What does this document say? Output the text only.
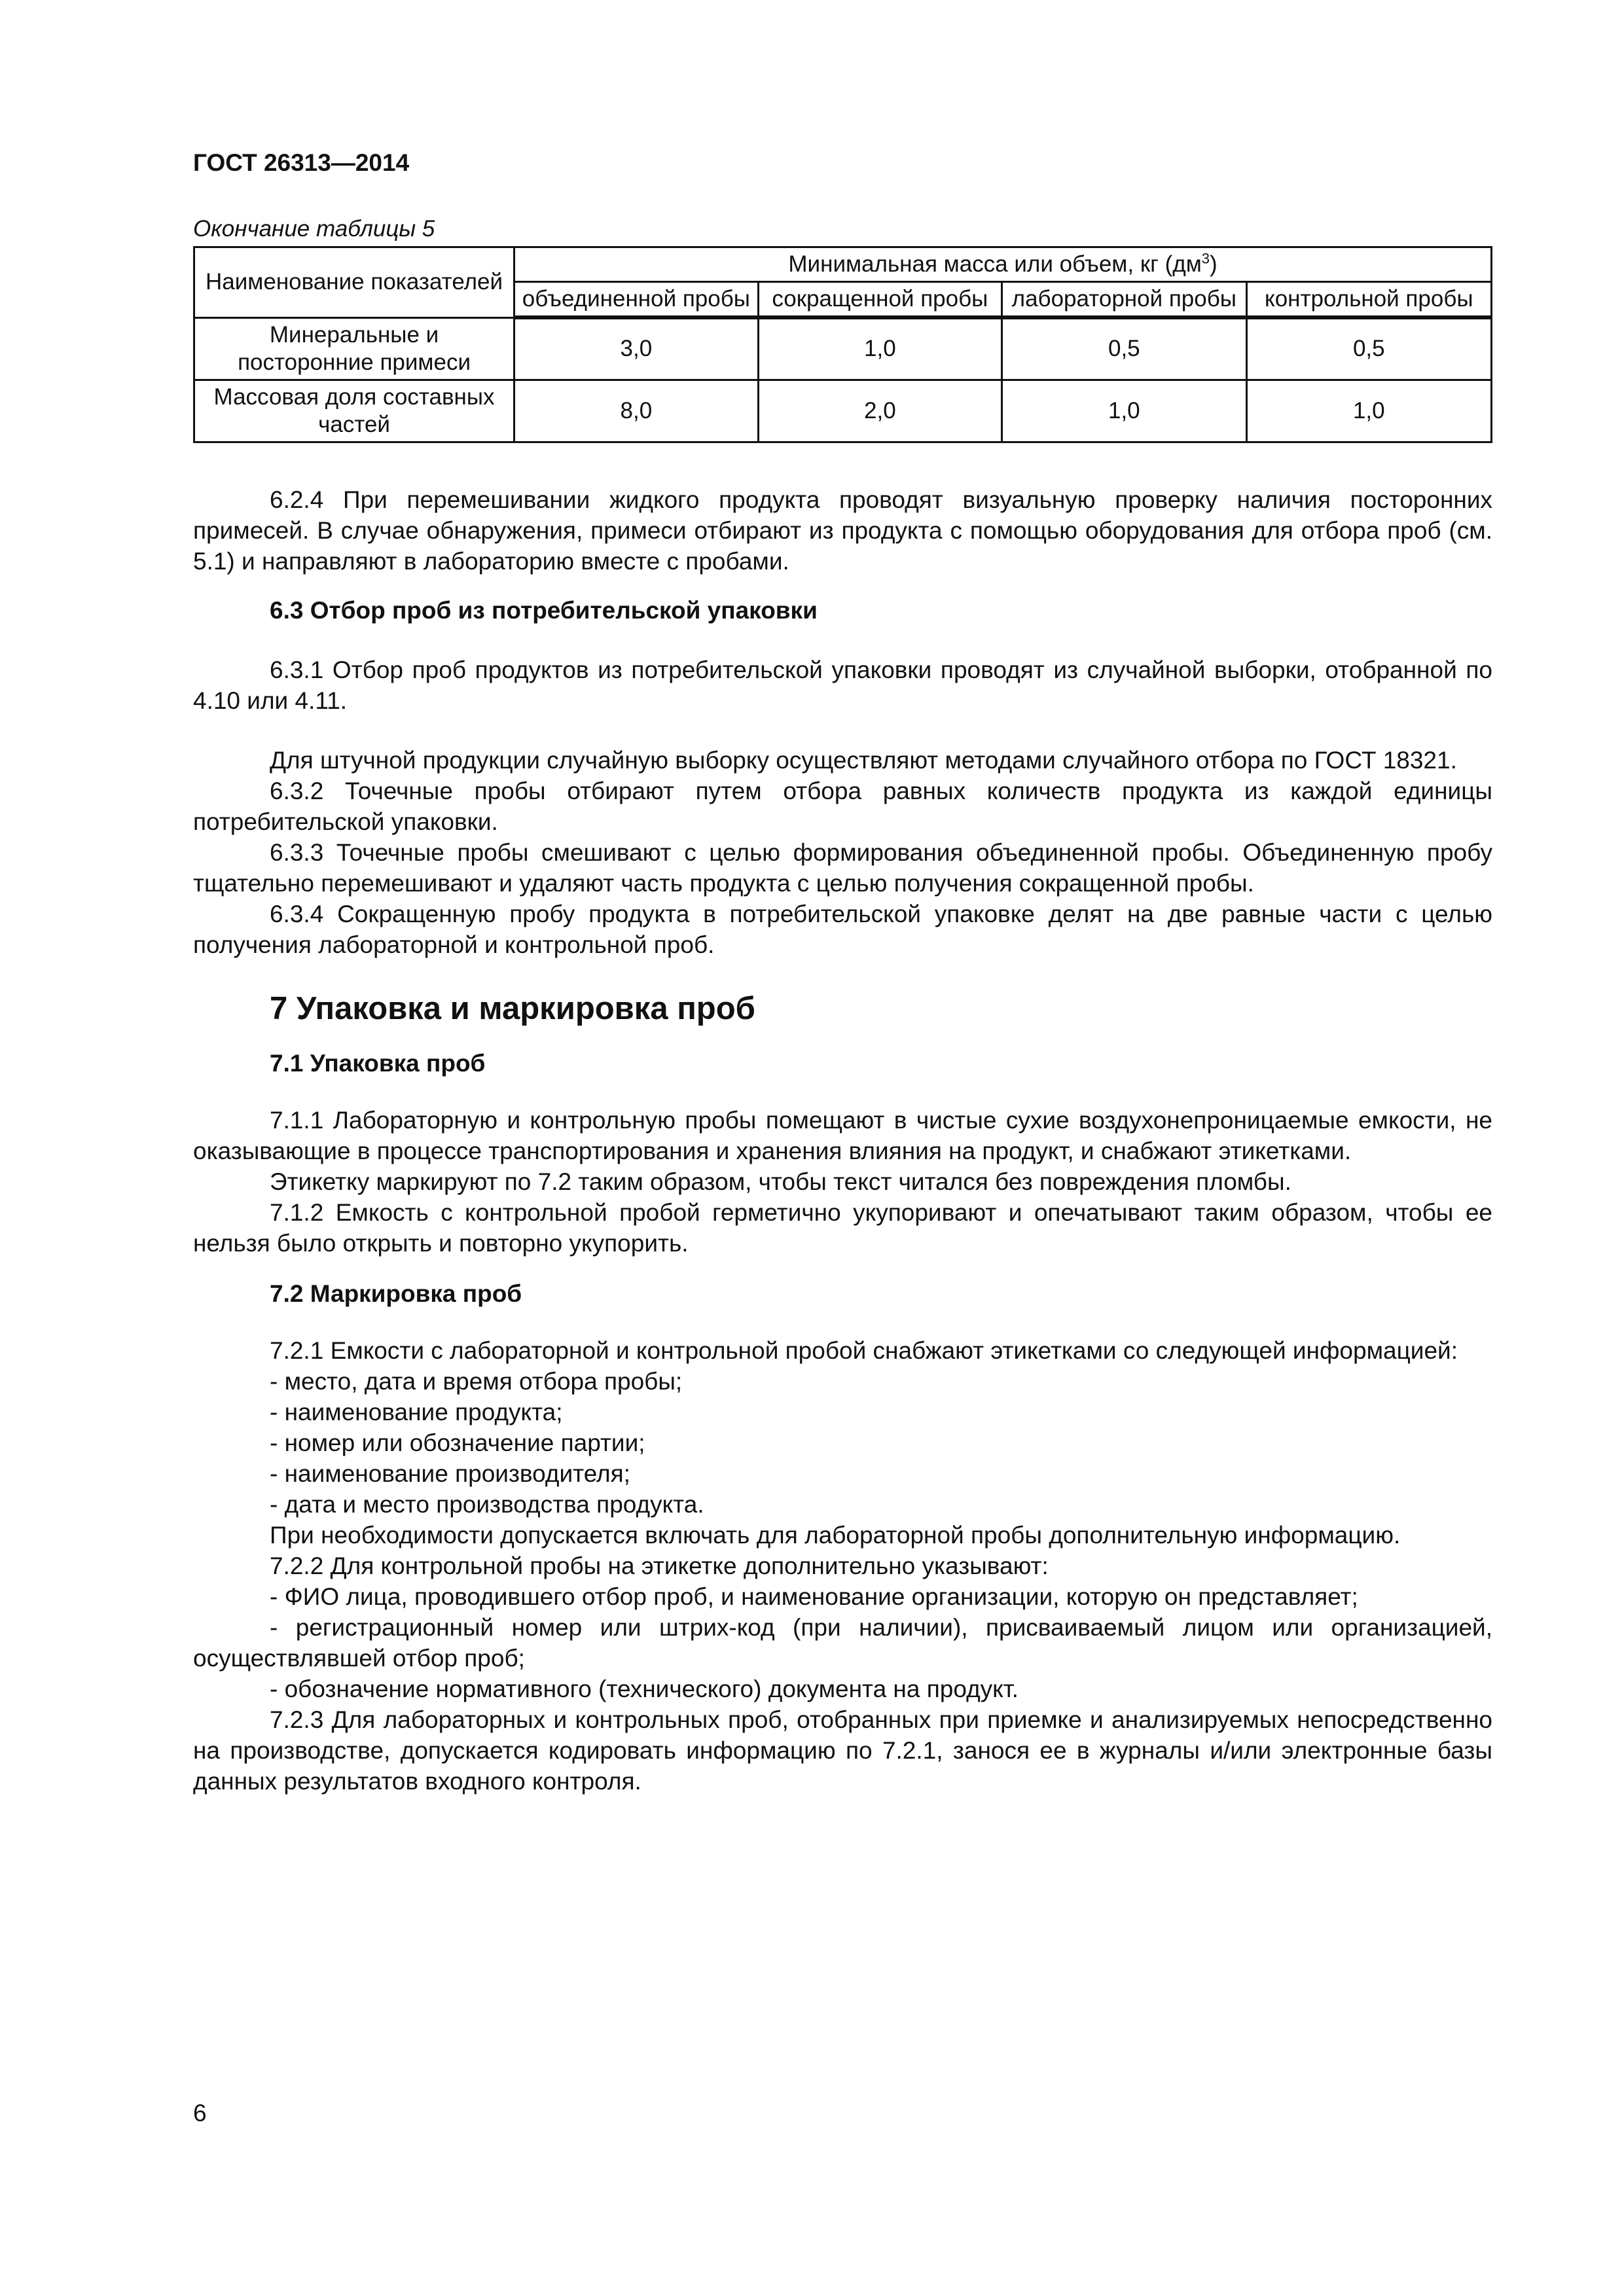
ГОСТ 26313—2014
Окончание таблицы 5
Наименование показателей	Минимальная масса или объем, кг $(дм^3)$			
	объединенной пробы	сокращенной пробы	лабораторной пробы	контрольной пробы
Минеральные и посторонние примеси	3,0	1,0	0,5	0,5
Массовая доля составных частей	8,0	2,0	1,0	1,0

6.2.4 При перемешивании жидкого продукта проводят визуальную проверку наличия посторонних примесей. В случае обнаружения, примеси отбирают из продукта с помощью оборудования для отбора проб (см. 5.1) и направляют в лабораторию вместе с пробами.

6.3 Отбор проб из потребительской упаковки

6.3.1 Отбор проб продуктов из потребительской упаковки проводят из случайной выборки, отобранной по 4.10 или 4.11.

Для штучной продукции случайную выборку осуществляют методами случайного отбора по ГОСТ 18321.

6.3.2 Точечные пробы отбирают путем отбора равных количеств продукта из каждой единицы потребительской упаковки.

6.3.3 Точечные пробы смешивают с целью формирования объединенной пробы. Объединенную пробу тщательно перемешивают и удаляют часть продукта с целью получения сокращенной пробы.

6.3.4 Сокращенную пробу продукта в потребительской упаковке делят на две равные части с целью получения лабораторной и контрольной проб.

7 Упаковка и маркировка проб
7.1 Упаковка проб

7.1.1 Лабораторную и контрольную пробы помещают в чистые сухие воздухонепроницаемые емкости, не оказывающие в процессе транспортирования и хранения влияния на продукт, и снабжают этикетками.

Этикетку маркируют по 7.2 таким образом, чтобы текст читался без повреждения пломбы.

7.1.2 Емкость с контрольной пробой герметично укупоривают и опечатывают таким образом, чтобы ее нельзя было открыть и повторно укупорить.

7.2 Маркировка проб

7.2.1 Емкости с лабораторной и контрольной пробой снабжают этикетками со следующей информацией:

- место, дата и время отбора пробы;

- наименование продукта;

- номер или обозначение партии;

- наименование производителя;

- дата и место производства продукта.

При необходимости допускается включать для лабораторной пробы дополнительную информацию.

7.2.2 Для контрольной пробы на этикетке дополнительно указывают:

- ФИО лица, проводившего отбор проб, и наименование организации, которую он представляет;

- регистрационный номер или штрих-код (при наличии), присваиваемый лицом или организацией, осуществлявшей отбор проб;

- обозначение нормативного (технического) документа на продукт.

7.2.3 Для лабораторных и контрольных проб, отобранных при приемке и анализируемых непосредственно на производстве, допускается кодировать информацию по 7.2.1, занося ее в журналы и/или электронные базы данных результатов входного контроля.

6
